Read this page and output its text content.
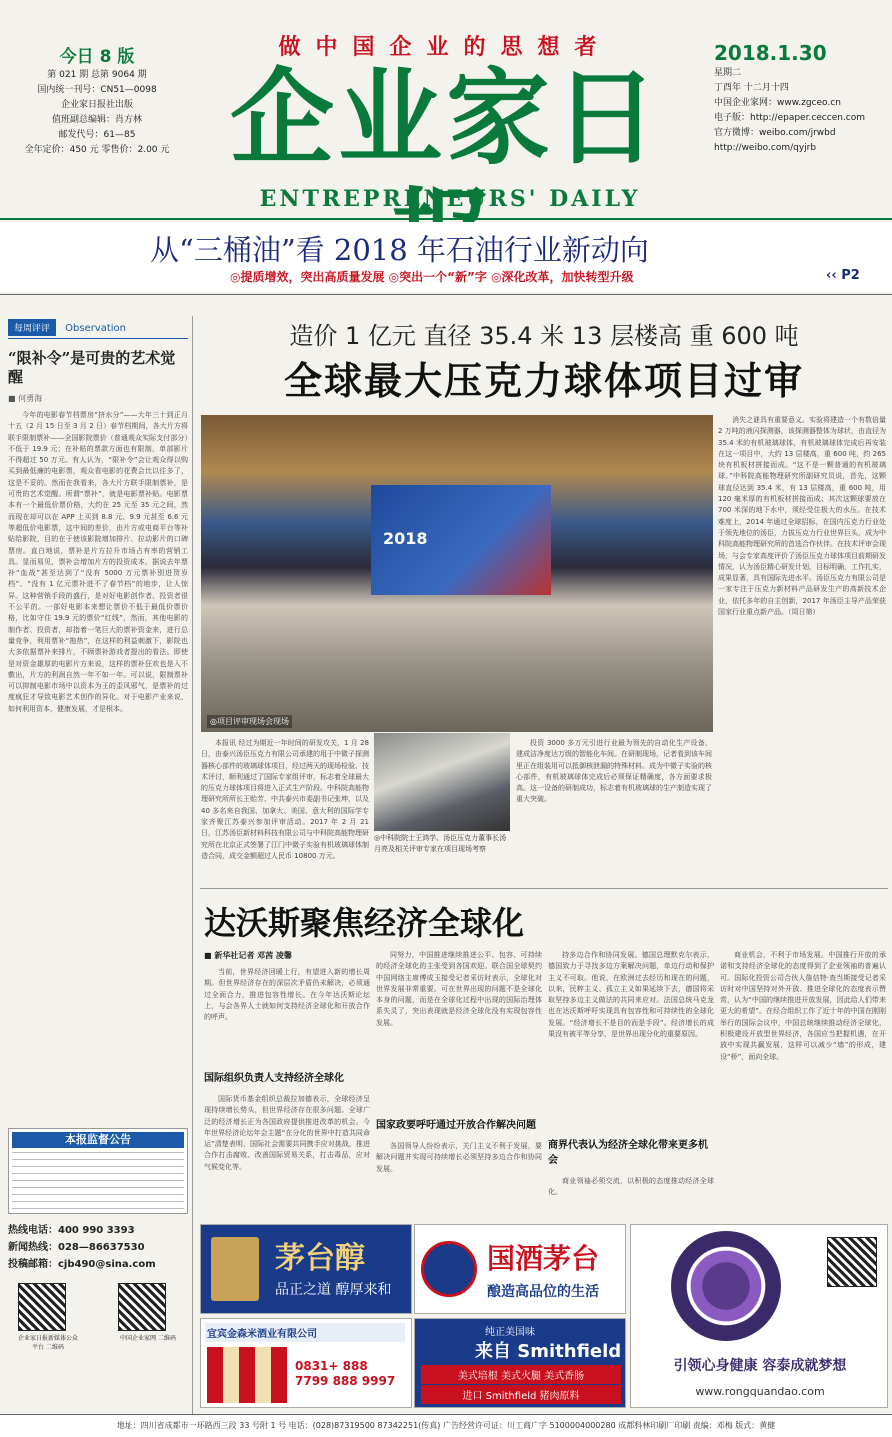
今日 8 版
第 021 期 总第 9064 期
国内统一刊号：CN51—0098
企业家日报社出版
值班副总编辑：肖方林
邮发代号：61—85
全年定价：450 元 零售价：2.00 元
做中国企业的思想者
企业家日
ENTREPRENEURS' DAILY
2018.1.30
星期二
丁酉年 十二月十四
中国企业家网：www.zgceo.cn
电子版：http://epaper.ceccen.com
官方微博：weibo.com/jrwbd
http://weibo.com/qyjrb
从“三桶油”看 2018 年石油行业新动向
◎提质增效，突出高质量发展 ◎突出一个“新”字 ◎深化改革，加快转型升级	‹‹ P2
每周评评 Observation
“限补令”是可贵的艺术觉醒
■ 何勇海
今年的电影春节档票房“挤水分”——大年三十到正月十五（2 月 15 日至 3 月 2 日）春节档期间，各大片方将联手限制票补——全国影院票价（普通观众实际支付部分）不低于 19.9 元；在补贴的票款方面也有限制，单部影片不得超过 50 万元。有人认为，“限补令”会让观众得以购买到最低廉的电影票，观众看电影的花费会比以往多了，这是不妥的。然而在我看来，各大片方联手限制票补，是可贵的艺术觉醒。所谓“票补”，就是电影票补贴。电影票本有一个最低价票价格，大约在 25 元至 35 元之间，然而现在却可以在 APP 上买到 8.8 元、9.9 元甚至 6.6 元等超低价电影票，这中间的差价，由片方或电商平台等补贴给影院，目的在于使该影院增加排片、拉动影片的口碑票房。直白地说，票补是片方拉升市场占有率的营销工具。显而易见，票补会增加片方的投资成本，据说去年票补“血战”甚至达到了“没有 5000 万元票补别进贺岁档”、“没有 1 亿元票补进不了春节档”的地步，让人惊异。这种营销手段的盛行，是对好电影创作者、投资者很不公平的。一部好电影本来想让票价不低于最低价票价格，比如守住 19.9 元的票价“红线”，然而，其他电影的制作者、投资者，却指着一笔巨大的票补资金来，进行总量竞争，利用票补“拖热”，在这样的利益刺激下，影院也大多依据票补来排片，不顾票补游戏者提出的看法。即使是对资金雄厚的电影片方来说，这样的票补狂欢也是入不敷出，片方的利润自然一年不如一年。可以说，限制票补可以抑制电影市场中以资本为王的歪风邪气，是票补的过度疯狂才导致电影艺术创作的异化。对于电影产业来说，如何利用资本，健康发展，才是根本。
本报监督公告
热线电话：400 990 3393
新闻热线：028—86637530
投稿邮箱：cjb490@sina.com
企业家日报新媒体公众平台 二维码
中国企业家网 二维码
造价 1 亿元 直径 35.4 米 13 层楼高 重 600 吨
全球最大压克力球体项目过审
2018
◎项目评审现场会现场
消失之谜具有重要意义。实验将建造一个有数倍量 2 万吨的液闪探测器，该探测器整体为球状，由直径为 35.4 米的有机玻璃球体，有机玻璃球体完成后再安装在这一项目中，大约 13 层楼高，重 600 吨，约 265 块有机板材拼接而成。“这不是一颗普通的有机玻璃球。”中科院高能物理研究所副研究员说，首先，这颗球直径达到 35.4 米，有 13 层楼高，重 600 吨，用 120 毫米厚的有机板材拼接而成；其次这颗球要放在 700 米深的地下水中，须经受住极大的水压。在技术难度上，2014 年通过全球招标，在国内压克力行业处于领先地位的汤臣，力拔压克力行业世界巨头，成为中科院高能物理研究所的首选合作伙伴。在技术评审会现场，与会专家高度评价了汤臣压克力球体项目前期研发情况，认为汤臣精心研发计划，目标明确，工作扎实，成果显著，具有国际先进水平。汤臣压克力有限公司是一家专注于压克力新材料产品研发生产的高新技术企业，依托多年的自主创新，2017 年汤臣主导产品荣获国家行业重点新产品。（周日第）
本报讯 经过为期近一年时间的研发攻关，1 月 28 日，由泰兴汤臣压克力有限公司承建的用于中微子探测器核心部件的玻璃球体项目，经过两天的现场检验、技术评讨，顺利通过了国际专家组评审，标志着全球最大的压克力球体项目将进入正式生产阶段。中科院高能物理研究所所长王贻芳、中共泰兴市委副书记张坤，以及 40 多名来自我国、加拿大、美国、意大利的国际学专家齐聚江苏泰兴参加评审活动。2017 年 2 月 21 日，江苏汤臣新材料科技有限公司与中科院高能物理研究所在北京正式签署了江门中微子实验有机玻璃球体制造合同，成交金额超过人民币 10800 万元。
◎中科院院士王鸿学、汤臣压克力董事长汤月亮及相关评审专家在项目现场考察
投资 3000 多万元引进行业最为领先的自动化生产设备，建成洁净度达万级的智能化车间。在研制现场，记者看到该车间里正在组装用可以抵御核泄漏的特殊材料。成为中微子实验的核心部件，有机玻璃球体完成后必须保证精确度，各方面要求极高。这一设备的研制成功，标志着有机玻璃球的生产制造实现了重大突破。
达沃斯聚焦经济全球化
■ 新华社记者 邓茜 凌馨
当前，世界经济回暖上行，有望进入新的增长周期。但世界经济存在的深层次矛盾仍未解决，必须通过全面合力，推进包容性增长。在今年达沃斯论坛上，与会各界人士就如何支持经济全球化和开放合作的呼声。
国际组织负责人支持经济全球化
国际货币基金组织总裁拉加德表示，全球经济呈现持续增长势头，但世界经济存在很多问题。全球广泛的经济增长正为各国政府提供推进改革的机会。今年世界经济论坛年会主题“在分化的世界中打造共同命运”清楚表明，国际社会需要共同携手应对挑战，推进合作打击腐败、改善国际贸易关系，打击毒品，应对气候变化等。
同努力，中国推进继续推进公平、包容、可持续的经济全球化的主张受到各国欢迎。联合国全球契约中国网络主席傅成玉接受记者采访时表示，全球化对世界发展非常重要。可在世界出现的问题不是全球化本身的问题，而是在全球化过程中出现的国际治理体系失灵了，突出表现就是经济全球化没有实现包容性发展。
国家政要呼吁通过开放合作解决问题
各国领导人纷纷表示，关门主义不利于发展，要解决问题并实现可持续增长必须坚持多边合作和协同发展。
持多边合作和协同发展。德国总理默克尔表示，德国致力于寻找多边方案解决问题，单边行动和保护主义不可取。他说，在欧洲过去经历和现在的问题，以来，民粹主义、孤立主义如果延续下去，德国将采取坚持多边主义做法的共同来应对。法国总统马克龙也在达沃斯呼吁实现具有包容性和可持续性的全球化发展。“经济增长不是目的而是手段”。经济增长的成果没有被平等分享，是世界出现分化的重要原因。
商界代表认为经济全球化带来更多机会
商业领袖必须交流，以积极的态度推动经济全球化。
商业机会，不利于市场发展。中国推行开放的承诺和支持经济全球化的态度得到了企业领袖的普遍认可。国际化投资公司合伙人詹信特·查当斯接受记者采访时对中国坚持对外开放、推进全球化的态度表示赞赏，认为“中国的继续推进开放发展，因此给人们带来更大的希望”。在经合组织工作了近十年的中国在刚刚举行的国际会议中，中国总统继续推动经济全球化，积极建设开放型世界经济，各国应当把握机遇，在开放中实现共赢发展，这样可以减少“墙”的形成，建设“桥”，面向全球。
茅台醇
品正之道 醇厚来和
国酒茅台
酿造高品位的生活
宜宾金森米酒业有限公司
0831+ 888 7799 888 9997
纯正美国味
来自 Smithfield
美式培根 美式火腿 美式香肠
进口 Smithfield 猪肉原料
引领心身健康 容泰成就梦想
www.rongquandao.com
地址：四川省成都市一环路西三段 33 号附 1 号 电话：(028)87319500 87342251(传真) 广告经营许可证：川工商广字 5100004000280 成都科林印刷厂印刷 责编：邓梅 版式：黄健
